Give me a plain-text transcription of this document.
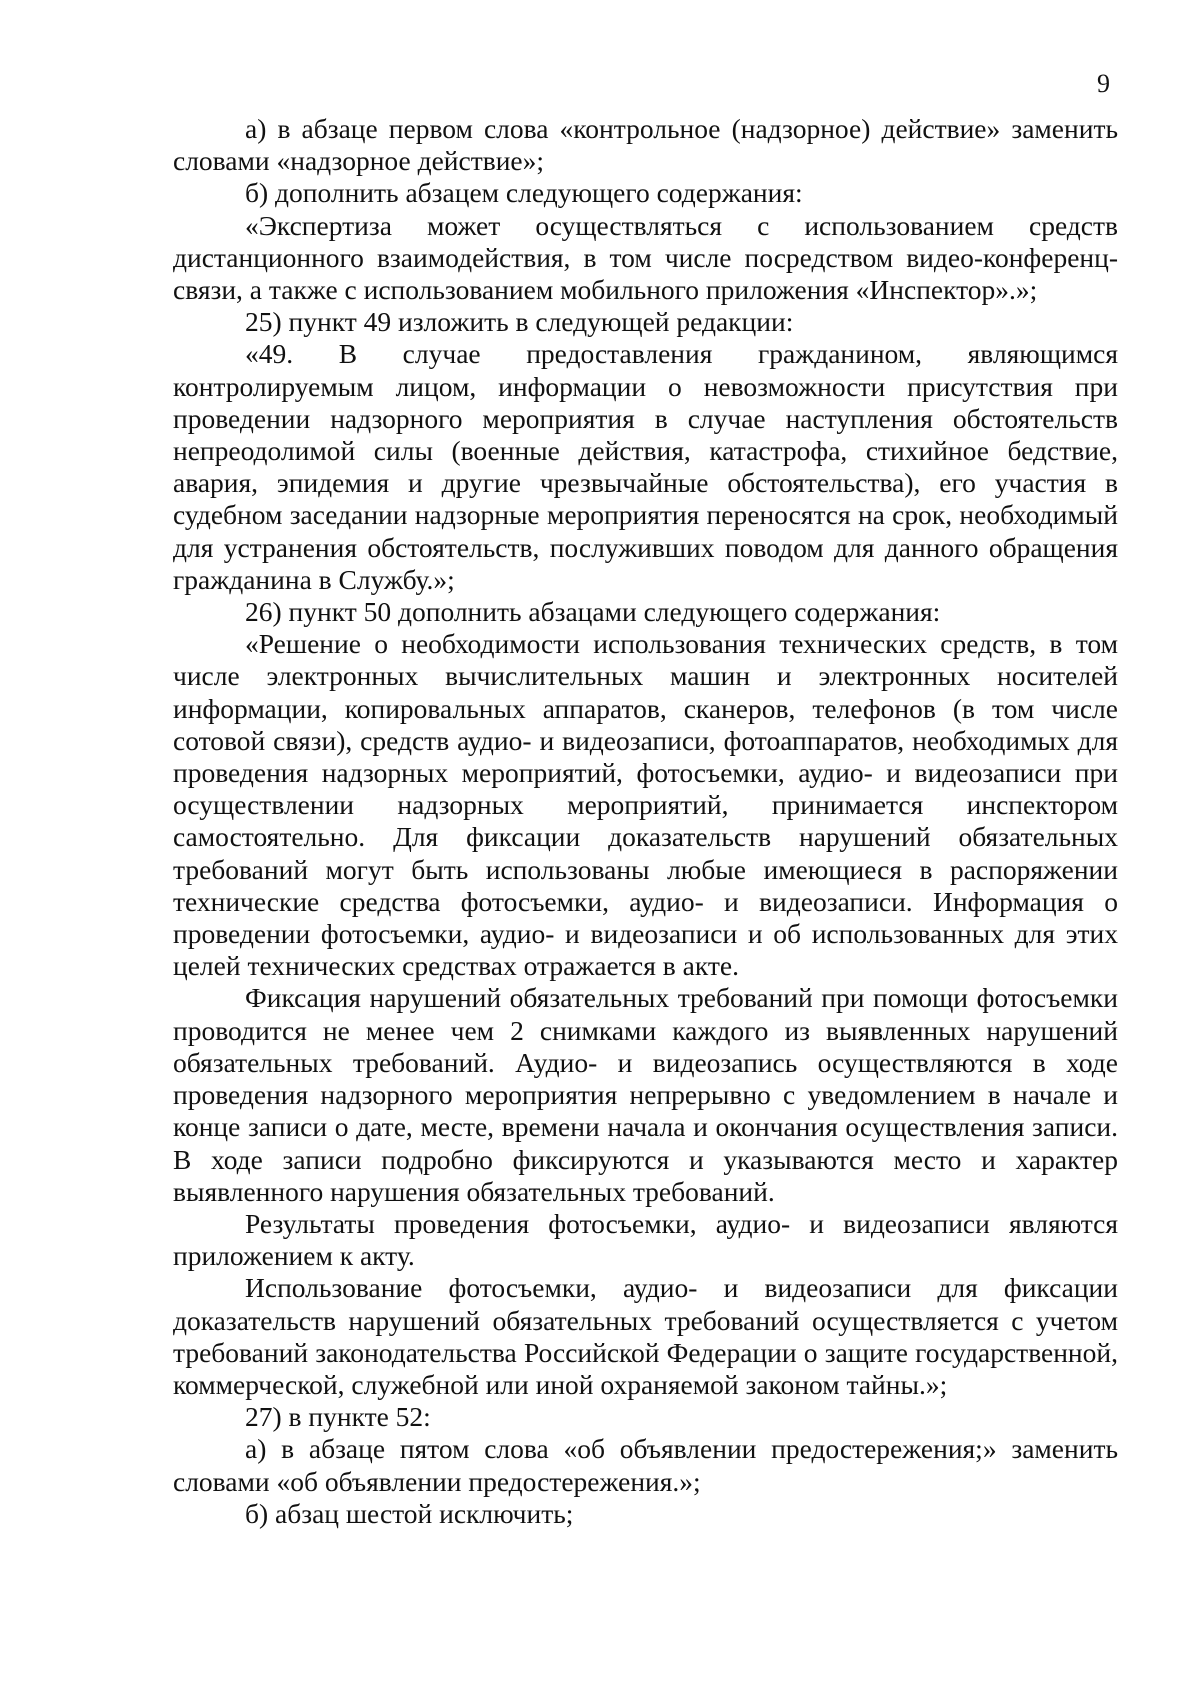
9

а) в абзаце первом слова «контрольное (надзорное) действие» заменить словами «надзорное действие»;

б) дополнить абзацем следующего содержания:

«Экспертиза может осуществляться с использованием средств дистанционного взаимодействия, в том числе посредством видео-конференц-связи, а также с использованием мобильного приложения «Инспектор».»;

25) пункт 49 изложить в следующей редакции:

«49. В случае предоставления гражданином, являющимся контролируемым лицом, информации о невозможности присутствия при проведении надзорного мероприятия в случае наступления обстоятельств непреодолимой силы (военные действия, катастрофа, стихийное бедствие, авария, эпидемия и другие чрезвычайные обстоятельства), его участия в судебном заседании надзорные мероприятия переносятся на срок, необходимый для устранения обстоятельств, послуживших поводом для данного обращения гражданина в Службу.»;

26) пункт 50 дополнить абзацами следующего содержания:

«Решение о необходимости использования технических средств, в том числе электронных вычислительных машин и электронных носителей информации, копировальных аппаратов, сканеров, телефонов (в том числе сотовой связи), средств аудио- и видеозаписи, фотоаппаратов, необходимых для проведения надзорных мероприятий, фотосъемки, аудио- и видеозаписи при осуществлении надзорных мероприятий, принимается инспектором самостоятельно. Для фиксации доказательств нарушений обязательных требований могут быть использованы любые имеющиеся в распоряжении технические средства фотосъемки, аудио- и видеозаписи. Информация о проведении фотосъемки, аудио- и видеозаписи и об использованных для этих целей технических средствах отражается в акте.

Фиксация нарушений обязательных требований при помощи фотосъемки проводится не менее чем 2 снимками каждого из выявленных нарушений обязательных требований. Аудио- и видеозапись осуществляются в ходе проведения надзорного мероприятия непрерывно с уведомлением в начале и конце записи о дате, месте, времени начала и окончания осуществления записи. В ходе записи подробно фиксируются и указываются место и характер выявленного нарушения обязательных требований.

Результаты проведения фотосъемки, аудио- и видеозаписи являются приложением к акту.

Использование фотосъемки, аудио- и видеозаписи для фиксации доказательств нарушений обязательных требований осуществляется с учетом требований законодательства Российской Федерации о защите государственной, коммерческой, служебной или иной охраняемой законом тайны.»;

27) в пункте 52:

а) в абзаце пятом слова «об объявлении предостережения;» заменить словами «об объявлении предостережения.»;

б) абзац шестой исключить;
